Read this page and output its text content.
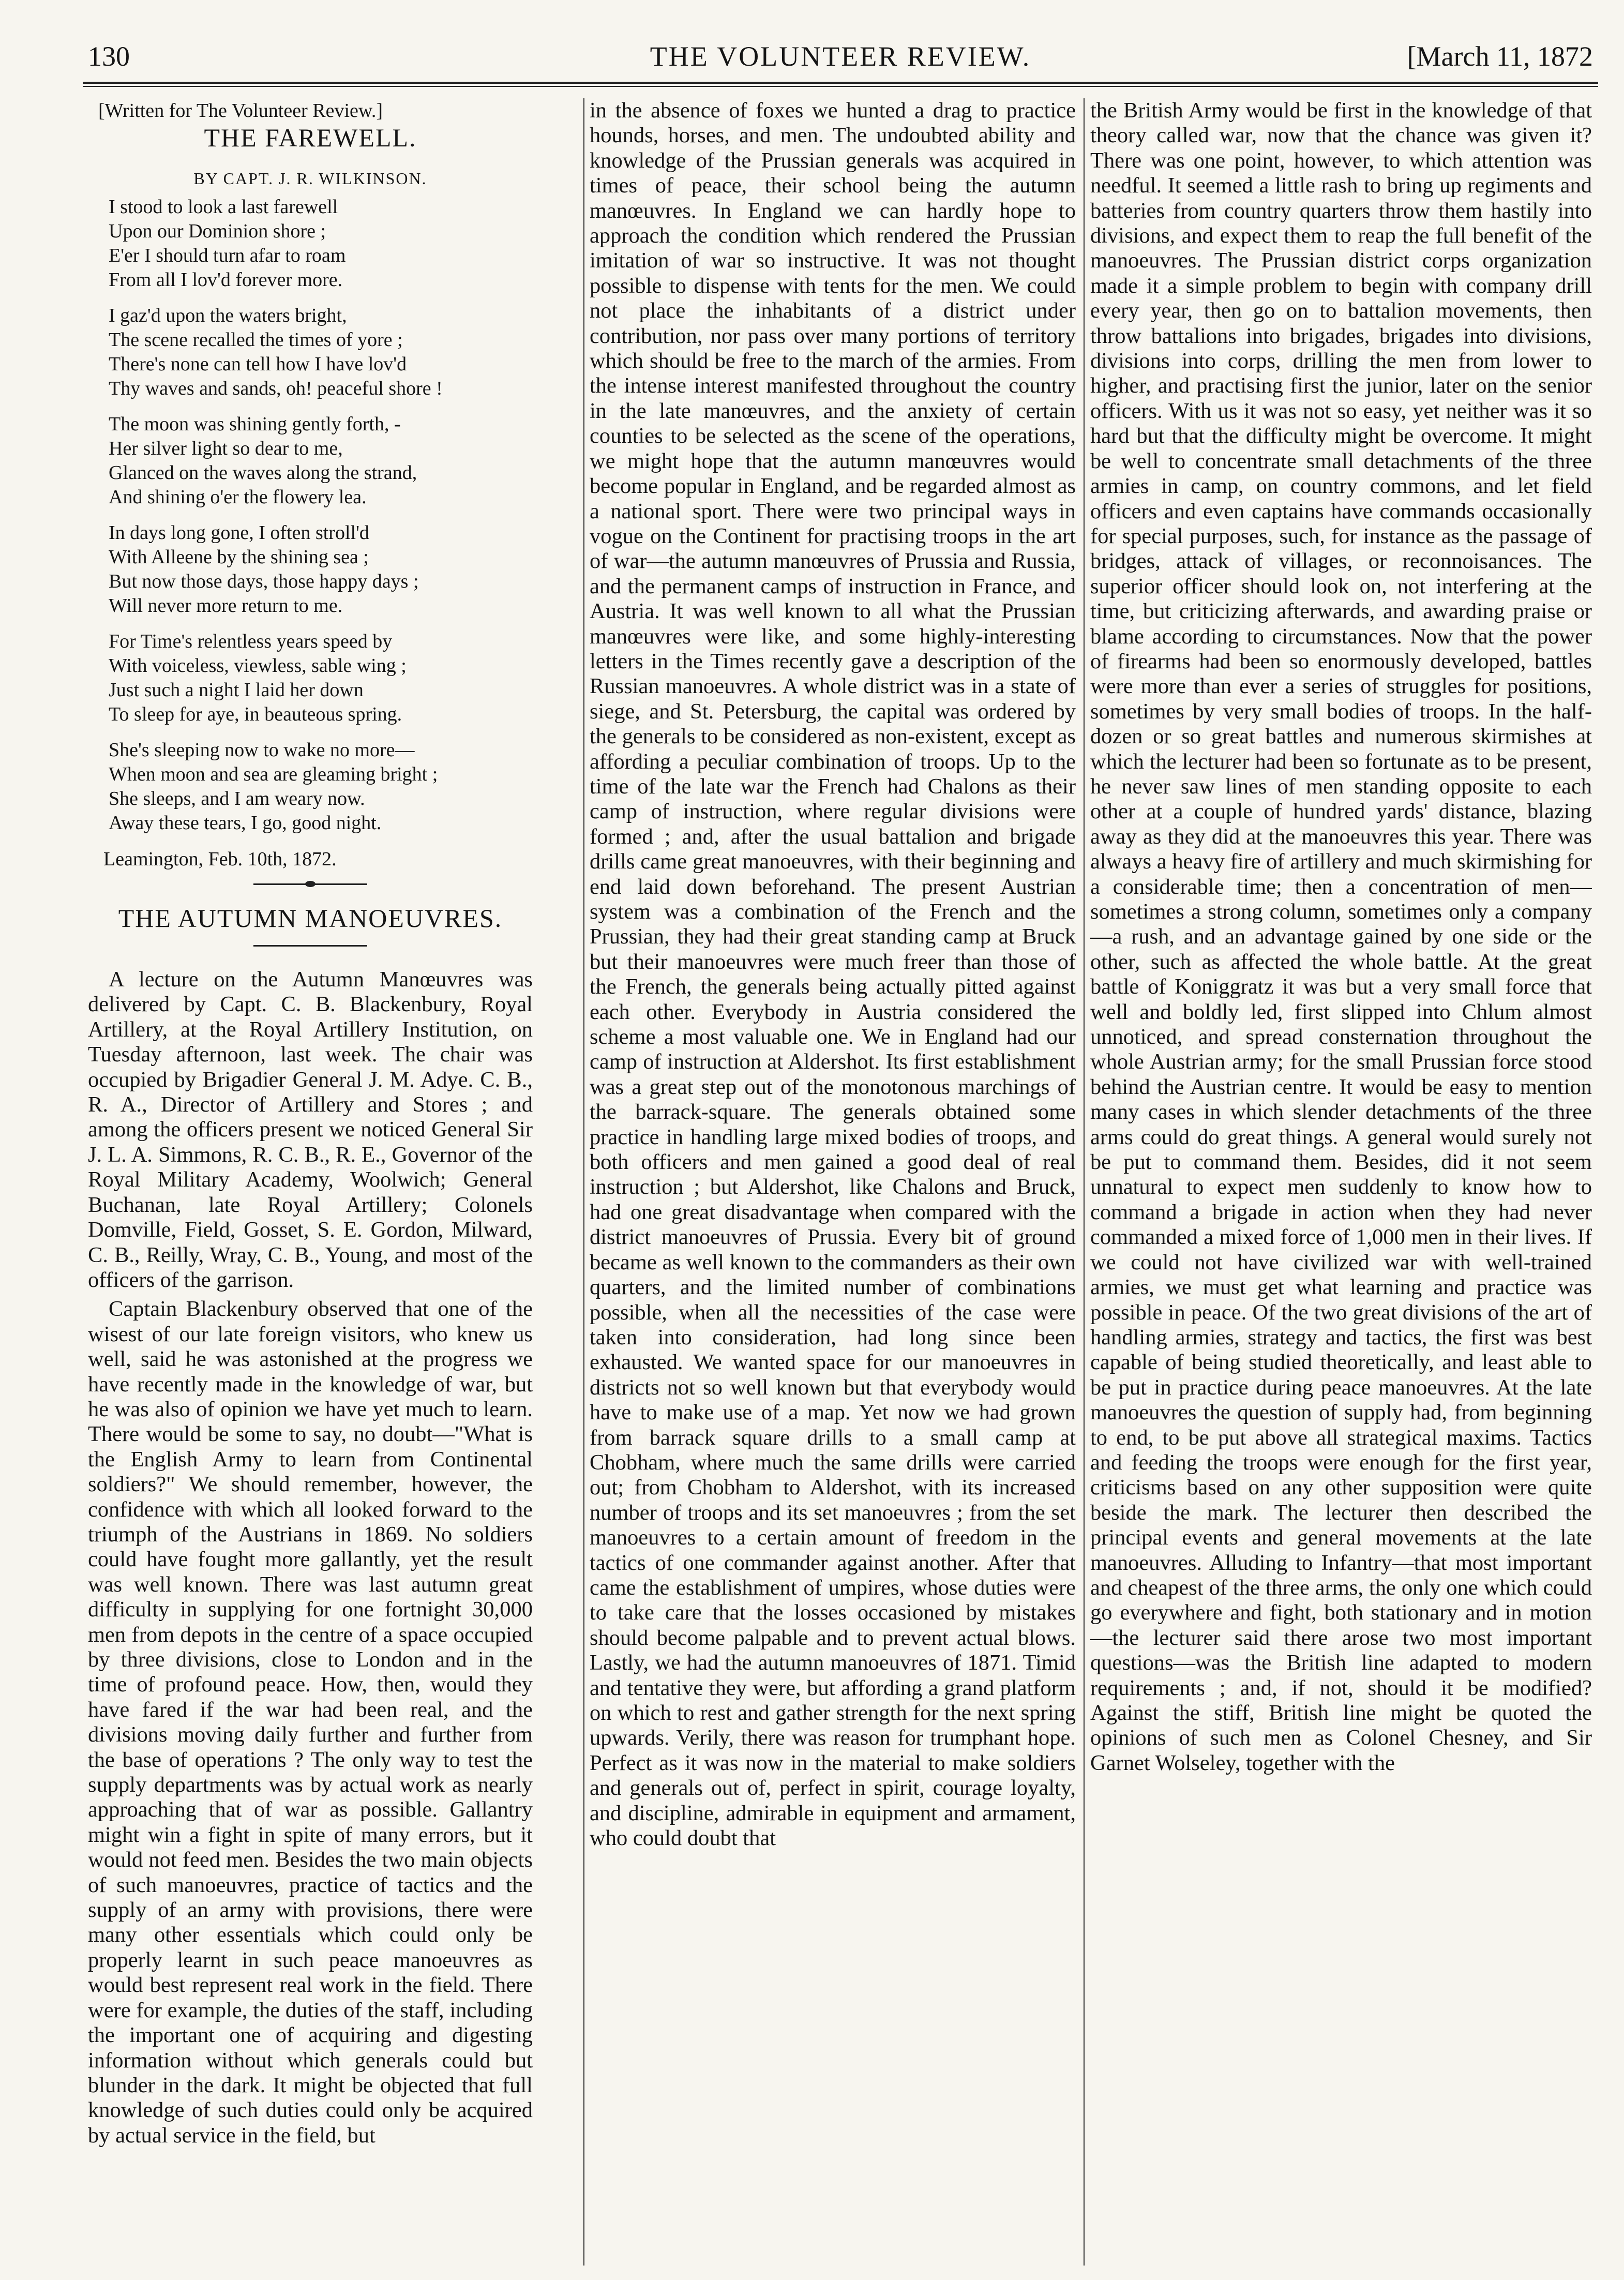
130	THE VOLUNTEER REVIEW.	[March 11, 1872
[Written for The Volunteer Review.]
THE FAREWELL.
BY CAPT. J. R. WILKINSON.
I stood to look a last farewell
Upon our Dominion shore ;
E'er I should turn afar to roam
From all I lov'd forever more.
I gaz'd upon the waters bright,
The scene recalled the times of yore ;
There's none can tell how I have lov'd
Thy waves and sands, oh! peaceful shore !
The moon was shining gently forth, -
Her silver light so dear to me,
Glanced on the waves along the strand,
And shining o'er the flowery lea.
In days long gone, I often stroll'd
With Alleene by the shining sea ;
But now those days, those happy days ;
Will never more return to me.
For Time's relentless years speed by
With voiceless, viewless, sable wing ;
Just such a night I laid her down
To sleep for aye, in beauteous spring.
She's sleeping now to wake no more—
When moon and sea are gleaming bright ;
She sleeps, and I am weary now.
Away these tears, I go, good night.
Leamington, Feb. 10th, 1872.
THE AUTUMN MANOEUVRES.

A lecture on the Autumn Manœuvres was delivered by Capt. C. B. Blackenbury, Royal Artillery, at the Royal Artillery Institution, on Tuesday afternoon, last week. The chair was occupied by Brigadier General J. M. Adye. C. B., R. A., Director of Artillery and Stores ; and among the officers present we noticed General Sir J. L. A. Simmons, R. C. B., R. E., Governor of the Royal Military Academy, Woolwich; General Buchanan, late Royal Artillery; Colonels Domville, Field, Gosset, S. E. Gordon, Milward, C. B., Reilly, Wray, C. B., Young, and most of the officers of the garrison.

Captain Blackenbury observed that one of the wisest of our late foreign visitors, who knew us well, said he was astonished at the progress we have recently made in the knowledge of war, but he was also of opinion we have yet much to learn. There would be some to say, no doubt—"What is the English Army to learn from Continental soldiers?" We should remember, however, the confidence with which all looked forward to the triumph of the Austrians in 1869. No soldiers could have fought more gallantly, yet the result was well known. There was last autumn great difficulty in supplying for one fortnight 30,000 men from depots in the centre of a space occupied by three divisions, close to London and in the time of profound peace. How, then, would they have fared if the war had been real, and the divisions moving daily further and further from the base of operations ? The only way to test the supply departments was by actual work as nearly approaching that of war as possible. Gallantry might win a fight in spite of many errors, but it would not feed men. Besides the two main objects of such manoeuvres, practice of tactics and the supply of an army with provisions, there were many other essentials which could only be properly learnt in such peace manoeuvres as would best represent real work in the field. There were for example, the duties of the staff, including the important one of acquiring and digesting information without which generals could but blunder in the dark. It might be objected that full knowledge of such duties could only be acquired by actual service in the field, but

in the absence of foxes we hunted a drag to practice hounds, horses, and men. The undoubted ability and knowledge of the Prussian generals was acquired in times of peace, their school being the autumn manœuvres. In England we can hardly hope to approach the condition which rendered the Prussian imitation of war so instructive. It was not thought possible to dispense with tents for the men. We could not place the inhabitants of a district under contribution, nor pass over many portions of territory which should be free to the march of the armies. From the intense interest manifested throughout the country in the late manœuvres, and the anxiety of certain counties to be selected as the scene of the operations, we might hope that the autumn manœuvres would become popular in England, and be regarded almost as a national sport. There were two principal ways in vogue on the Continent for practising troops in the art of war—the autumn manœuvres of Prussia and Russia, and the permanent camps of instruction in France, and Austria. It was well known to all what the Prussian manœuvres were like, and some highly-interesting letters in the Times recently gave a description of the Russian manoeuvres. A whole district was in a state of siege, and St. Petersburg, the capital was ordered by the generals to be considered as non-existent, except as affording a peculiar combination of troops. Up to the time of the late war the French had Chalons as their camp of instruction, where regular divisions were formed ; and, after the usual battalion and brigade drills came great manoeuvres, with their beginning and end laid down beforehand. The present Austrian system was a combination of the French and the Prussian, they had their great standing camp at Bruck but their manoeuvres were much freer than those of the French, the generals being actually pitted against each other. Everybody in Austria considered the scheme a most valuable one. We in England had our camp of instruction at Aldershot. Its first establishment was a great step out of the monotonous marchings of the barrack-square. The generals obtained some practice in handling large mixed bodies of troops, and both officers and men gained a good deal of real instruction ; but Aldershot, like Chalons and Bruck, had one great disadvantage when compared with the district manoeuvres of Prussia. Every bit of ground became as well known to the commanders as their own quarters, and the limited number of combinations possible, when all the necessities of the case were taken into consideration, had long since been exhausted. We wanted space for our manoeuvres in districts not so well known but that everybody would have to make use of a map. Yet now we had grown from barrack square drills to a small camp at Chobham, where much the same drills were carried out; from Chobham to Aldershot, with its increased number of troops and its set manoeuvres ; from the set manoeuvres to a certain amount of freedom in the tactics of one commander against another. After that came the establishment of umpires, whose duties were to take care that the losses occasioned by mistakes should become palpable and to prevent actual blows. Lastly, we had the autumn manoeuvres of 1871. Timid and tentative they were, but affording a grand platform on which to rest and gather strength for the next spring upwards. Verily, there was reason for trumphant hope. Perfect as it was now in the material to make soldiers and generals out of, perfect in spirit, courage loyalty, and discipline, admirable in equipment and armament, who could doubt that
the British Army would be first in the knowledge of that theory called war, now that the chance was given it? There was one point, however, to which attention was needful. It seemed a little rash to bring up regiments and batteries from country quarters throw them hastily into divisions, and expect them to reap the full benefit of the manoeuvres. The Prussian district corps organization made it a simple problem to begin with company drill every year, then go on to battalion movements, then throw battalions into brigades, brigades into divisions, divisions into corps, drilling the men from lower to higher, and practising first the junior, later on the senior officers. With us it was not so easy, yet neither was it so hard but that the difficulty might be overcome. It might be well to concentrate small detachments of the three armies in camp, on country commons, and let field officers and even captains have commands occasionally for special purposes, such, for instance as the passage of bridges, attack of villages, or reconnoisances. The superior officer should look on, not interfering at the time, but criticizing afterwards, and awarding praise or blame according to circumstances. Now that the power of firearms had been so enormously developed, battles were more than ever a series of struggles for positions, sometimes by very small bodies of troops. In the half-dozen or so great battles and numerous skirmishes at which the lecturer had been so fortunate as to be present, he never saw lines of men standing opposite to each other at a couple of hundred yards' distance, blazing away as they did at the manoeuvres this year. There was always a heavy fire of artillery and much skirmishing for a considerable time; then a concentration of men—sometimes a strong column, sometimes only a company—a rush, and an advantage gained by one side or the other, such as affected the whole battle. At the great battle of Koniggratz it was but a very small force that well and boldly led, first slipped into Chlum almost unnoticed, and spread consternation throughout the whole Austrian army; for the small Prussian force stood behind the Austrian centre. It would be easy to mention many cases in which slender detachments of the three arms could do great things. A general would surely not be put to command them. Besides, did it not seem unnatural to expect men suddenly to know how to command a brigade in action when they had never commanded a mixed force of 1,000 men in their lives. If we could not have civilized war with well-trained armies, we must get what learning and practice was possible in peace. Of the two great divisions of the art of handling armies, strategy and tactics, the first was best capable of being studied theoretically, and least able to be put in practice during peace manoeuvres. At the late manoeuvres the question of supply had, from beginning to end, to be put above all strategical maxims. Tactics and feeding the troops were enough for the first year, criticisms based on any other supposition were quite beside the mark. The lecturer then described the principal events and general movements at the late manoeuvres. Alluding to Infantry—that most important and cheapest of the three arms, the only one which could go everywhere and fight, both stationary and in motion—the lecturer said there arose two most important questions—was the British line adapted to modern requirements ; and, if not, should it be modified? Against the stiff, British line might be quoted the opinions of such men as Colonel Chesney, and Sir Garnet Wolseley, together with the
